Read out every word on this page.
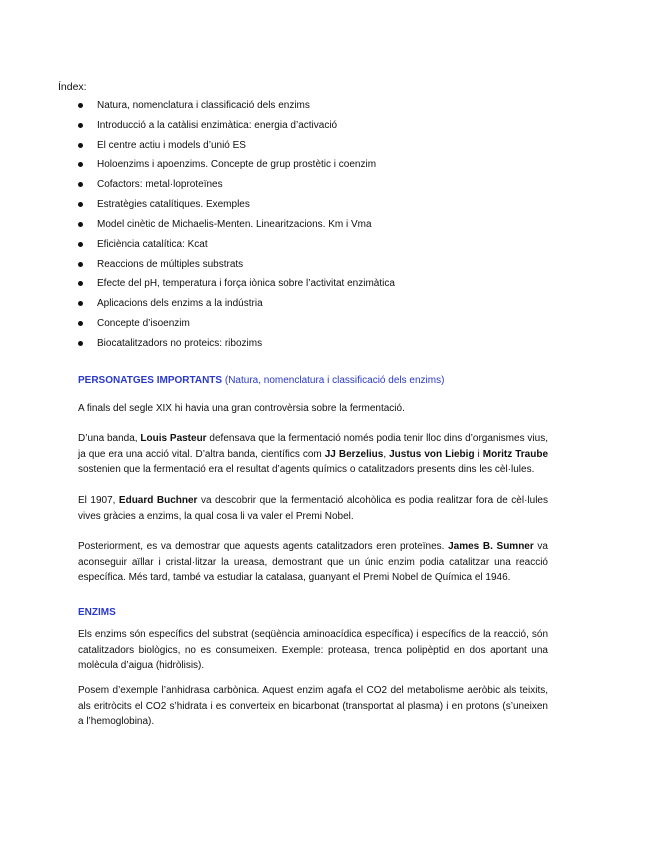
Índex:

Natura, nomenclatura i classificació dels enzims
Introducció a la catàlisi enzimàtica: energia d’activació
El centre actiu i models d’unió ES
Holoenzims i apoenzims. Concepte de grup prostètic i coenzim
Cofactors: metal·loproteïnes
Estratègies catalítiques. Exemples
Model cinètic de Michaelis-Menten. Linearitzacions. Km i Vma
Eficiència catalítica: Kcat
Reaccions de múltiples substrats
Efecte del pH, temperatura i força iònica sobre l’activitat enzimàtica
Aplicacions dels enzims a la indústria
Concepte d’isoenzim
Biocatalitzadors no proteics: ribozims
PERSONATGES IMPORTANTS (Natura, nomenclatura i classificació dels enzims)

A finals del segle XIX hi havia una gran controvèrsia sobre la fermentació.

D’una banda, Louis Pasteur defensava que la fermentació només podia tenir lloc dins d’organismes vius, ja que era una acció vital. D’altra banda, científics com JJ Berzelius, Justus von Liebig i Moritz Traube sostenien que la fermentació era el resultat d’agents químics o catalitzadors presents dins les cèl·lules.

El 1907, Eduard Buchner va descobrir que la fermentació alcohòlica es podia realitzar fora de cèl·lules vives gràcies a enzims, la qual cosa li va valer el Premi Nobel.

Posteriorment, es va demostrar que aquests agents catalitzadors eren proteïnes. James B. Sumner va aconseguir aïllar i cristal·litzar la ureasa, demostrant que un únic enzim podia catalitzar una reacció específica. Més tard, també va estudiar la catalasa, guanyant el Premi Nobel de Química el 1946.

ENZIMS

Els enzims són específics del substrat (seqüència aminoacídica específica) i específics de la reacció, són catalitzadors biològics, no es consumeixen. Exemple: proteasa, trenca polipèptid en dos aportant una molècula d’aigua (hidròlisis).

Posem d’exemple l’anhidrasa carbònica. Aquest enzim agafa el CO2 del metabolisme aeròbic als teixits, als eritròcits el CO2 s’hidrata i es converteix en bicarbonat (transportat al plasma) i en protons (s’uneixen a l’hemoglobina).
